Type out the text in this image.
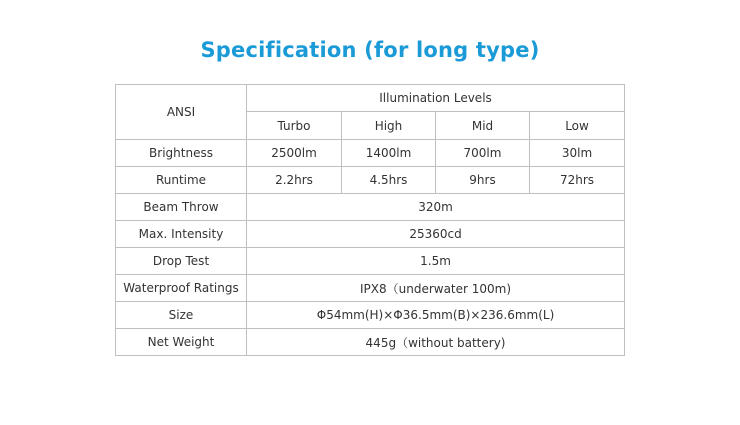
Specification (for long type)
ANSI	Illumination Levels			
	Turbo	High	Mid	Low
Brightness	2500lm	1400lm	700lm	30lm
Runtime	2.2hrs	4.5hrs	9hrs	72hrs
Beam Throw	320m			
Max. Intensity	25360cd			
Drop Test	1.5m			
Waterproof Ratings	IPX8（underwater 100m)			
Size	Φ54mm(H)×Φ36.5mm(B)×236.6mm(L)			
Net Weight	445g（without battery)			
